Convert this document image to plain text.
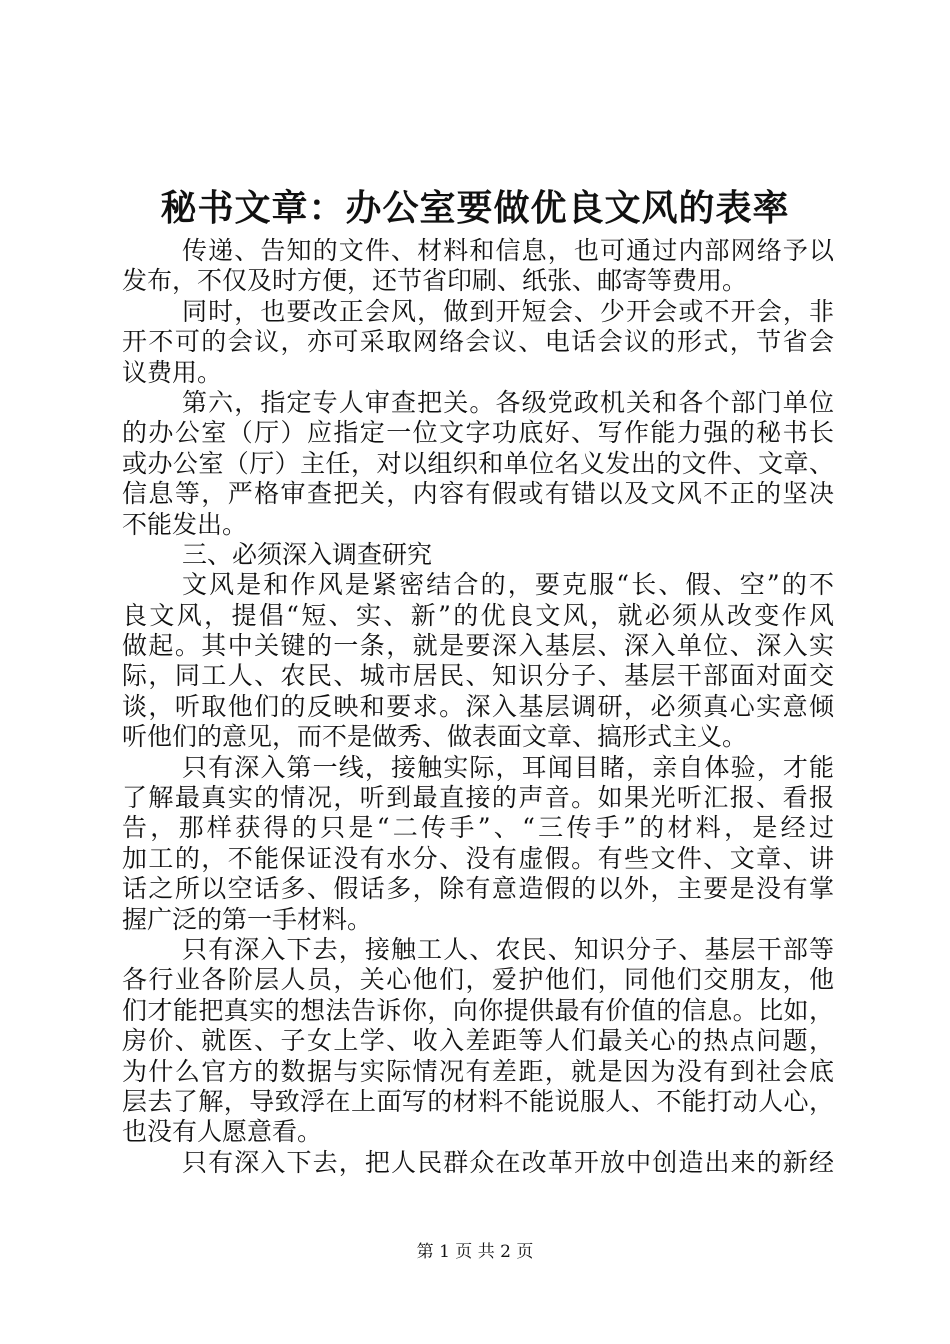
秘书文章：办公室要做优良文风的表率
传递、告知的文件、材料和信息，也可通过内部网络予以
发布，不仅及时方便，还节省印刷、纸张、邮寄等费用。
同时，也要改正会风，做到开短会、少开会或不开会，非
开不可的会议，亦可采取网络会议、电话会议的形式，节省会
议费用。
第六，指定专人审查把关。各级党政机关和各个部门单位
的办公室（厅）应指定一位文字功底好、写作能力强的秘书长
或办公室（厅）主任，对以组织和单位名义发出的文件、文章、
信息等，严格审查把关，内容有假或有错以及文风不正的坚决
不能发出。
三、必须深入调查研究
文风是和作风是紧密结合的，要克服“长、假、空”的不
良文风，提倡“短、实、新”的优良文风，就必须从改变作风
做起。其中关键的一条，就是要深入基层、深入单位、深入实
际，同工人、农民、城市居民、知识分子、基层干部面对面交
谈，听取他们的反映和要求。深入基层调研，必须真心实意倾
听他们的意见，而不是做秀、做表面文章、搞形式主义。
只有深入第一线，接触实际，耳闻目睹，亲自体验，才能
了解最真实的情况，听到最直接的声音。如果光听汇报、看报
告，那样获得的只是“二传手”、“三传手”的材料，是经过
加工的，不能保证没有水分、没有虚假。有些文件、文章、讲
话之所以空话多、假话多，除有意造假的以外，主要是没有掌
握广泛的第一手材料。
只有深入下去，接触工人、农民、知识分子、基层干部等
各行业各阶层人员，关心他们，爱护他们，同他们交朋友，他
们才能把真实的想法告诉你，向你提供最有价值的信息。比如，
房价、就医、子女上学、收入差距等人们最关心的热点问题，
为什么官方的数据与实际情况有差距，就是因为没有到社会底
层去了解，导致浮在上面写的材料不能说服人、不能打动人心，
也没有人愿意看。
只有深入下去，把人民群众在改革开放中创造出来的新经
第 1 页 共 2 页
